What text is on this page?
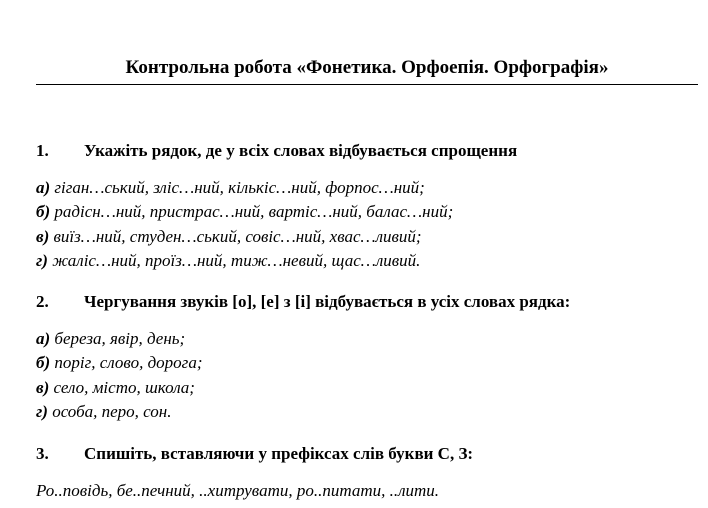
Контрольна робота «Фонетика. Орфоепія. Орфографія»
1. Укажіть рядок, де у всіх словах відбувається спрощення
а) гіган…ський, зліс…ний, кількіс…ний, форпос…ний;
б) радісн…ний, пристрас…ний, вартіс…ний, балас…ний;
в) виїз…ний, студен…ський, совіс…ний, хвас…ливий;
г) жаліс…ний, проїз…ний, тиж…невий, щас…ливий.
2. Чергування звуків [о], [е] з [і] відбувається в усіх словах рядка:
а) береза, явір, день;
б) поріг, слово, дорога;
в) село, місто, школа;
г) особа, перо, сон.
3. Спишіть, вставляючи у префіксах слів букви С, З:
Ро..повідь, бе..печний, ..хитрувати, ро..питати, ..лити.
